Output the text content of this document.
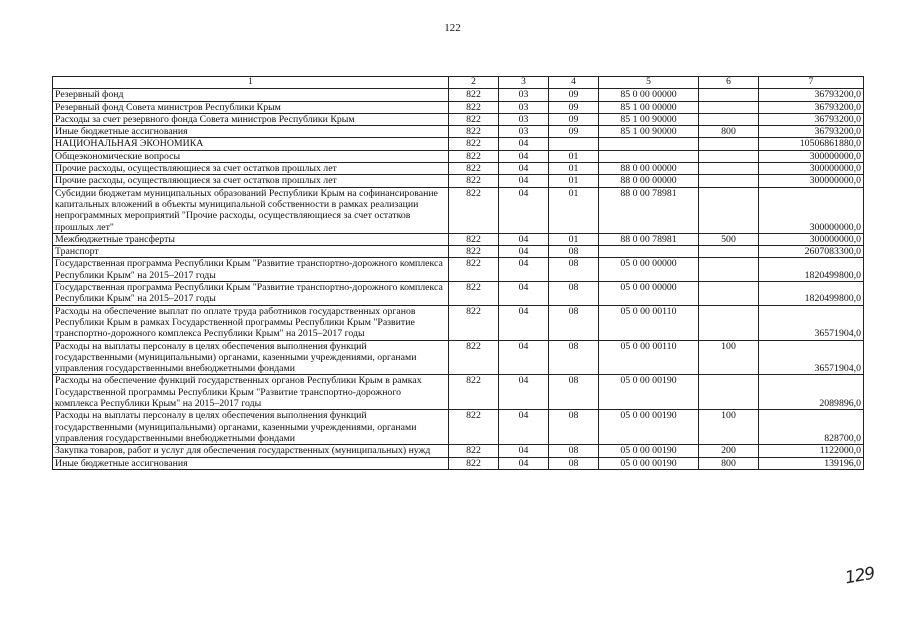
122
1	2	3	4	5	6	7
Резервный фонд	822	03	09	85 0 00 00000		36793200,0
Резервный фонд Совета министров Республики Крым	822	03	09	85 1 00 00000		36793200,0
Расходы за счет резервного фонда Совета министров Республики Крым	822	03	09	85 1 00 90000		36793200,0
Иные бюджетные ассигнования	822	03	09	85 1 00 90000	800	36793200,0
НАЦИОНАЛЬНАЯ ЭКОНОМИКА	822	04				10506861880,0
Общеэкономические вопросы	822	04	01			300000000,0
Прочие расходы, осуществляющиеся за счет остатков прошлых лет	822	04	01	88 0 00 00000		300000000,0
Прочие расходы, осуществляющиеся за счет остатков прошлых лет	822	04	01	88 0 00 00000		300000000,0
Субсидии бюджетам муниципальных образований Республики Крым на софинансирование капитальных вложений в объекты муниципальной собственности в рамках реализации непрограммных мероприятий "Прочие расходы, осуществляющиеся за счет остатков прошлых лет"	822	04	01	88 0 00 78981		300000000,0
Межбюджетные трансферты	822	04	01	88 0 00 78981	500	300000000,0
Транспорт	822	04	08			2607083300,0
Государственная программа Республики Крым "Развитие транспортно-дорожного комплекса Республики Крым" на 2015–2017 годы	822	04	08	05 0 00 00000		1820499800,0
Государственная программа Республики Крым "Развитие транспортно-дорожного комплекса Республики Крым" на 2015–2017 годы	822	04	08	05 0 00 00000		1820499800,0
Расходы на обеспечение выплат по оплате труда работников государственных органов Республики Крым в рамках Государственной программы Республики Крым "Развитие транспортно-дорожного комплекса Республики Крым" на 2015–2017 годы	822	04	08	05 0 00 00110		36571904,0
Расходы на выплаты персоналу в целях обеспечения выполнения функций государственными (муниципальными) органами, казенными учреждениями, органами управления государственными внебюджетными фондами	822	04	08	05 0 00 00110	100	36571904,0
Расходы на обеспечение функций государственных органов Республики Крым в рамках Государственной программы Республики Крым "Развитие транспортно-дорожного комплекса Республики Крым" на 2015–2017 годы	822	04	08	05 0 00 00190		2089896,0
Расходы на выплаты персоналу в целях обеспечения выполнения функций государственными (муниципальными) органами, казенными учреждениями, органами управления государственными внебюджетными фондами	822	04	08	05 0 00 00190	100	828700,0
Закупка товаров, работ и услуг для обеспечения государственных (муниципальных) нужд	822	04	08	05 0 00 00190	200	1122000,0
Иные бюджетные ассигнования	822	04	08	05 0 00 00190	800	139196,0
129
